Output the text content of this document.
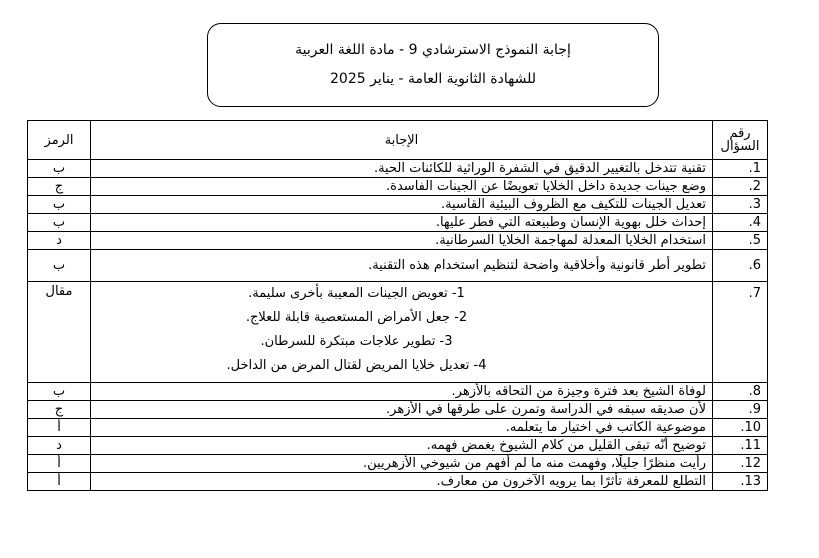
إجابة النموذج الاسترشادي 9 - مادة اللغة العربية
للشهادة الثانوية العامة - يناير 2025
رقم
السؤال	الإجابة	الرمز
1.	تقنية تتدخل بالتغيير الدقيق في الشفرة الوراثية للكائنات الحية.	ب
2.	وضع جينات جديدة داخل الخلايا تعويضًا عن الجينات الفاسدة.	ج
3.	تعديل الجينات للتكيف مع الظروف البيئية القاسية.	ب
4.	إحداث خلل بهوية الإنسان وطبيعته التي فطر عليها.	ب
5.	استخدام الخلايا المعدلة لمهاجمة الخلايا السرطانية.	د
6.	تطوير أطر قانونية وأخلاقية واضحة لتنظيم استخدام هذه التقنية.	ب
7.	1- تعويض الجينات المعيبة بأخرى سليمة.
2- جعل الأمراض المستعصية قابلة للعلاج.
3- تطوير علاجات مبتكرة للسرطان.
4- تعديل خلايا المريض لقتال المرض من الداخل.	مقال
8.	لوفاة الشيخ بعد فترة وجيزة من التحاقه بالأزهر.	ب
9.	لأن صديقه سبقه في الدراسة وتمرن على طرقها في الأزهر.	ج
10.	موضوعية الكاتب في اختيار ما يتعلمه.	أ
11.	توضيح أنّه تبقى القليل من كلام الشيوخ يغمض فهمه.	د
12.	رأيت منظرًا جليلًا، وفهمت منه ما لم أفهم من شيوخي الأزهريين.	أ
13.	التطلع للمعرفة تأثرًا بما يرويه الآخرون من معارف.	أ
